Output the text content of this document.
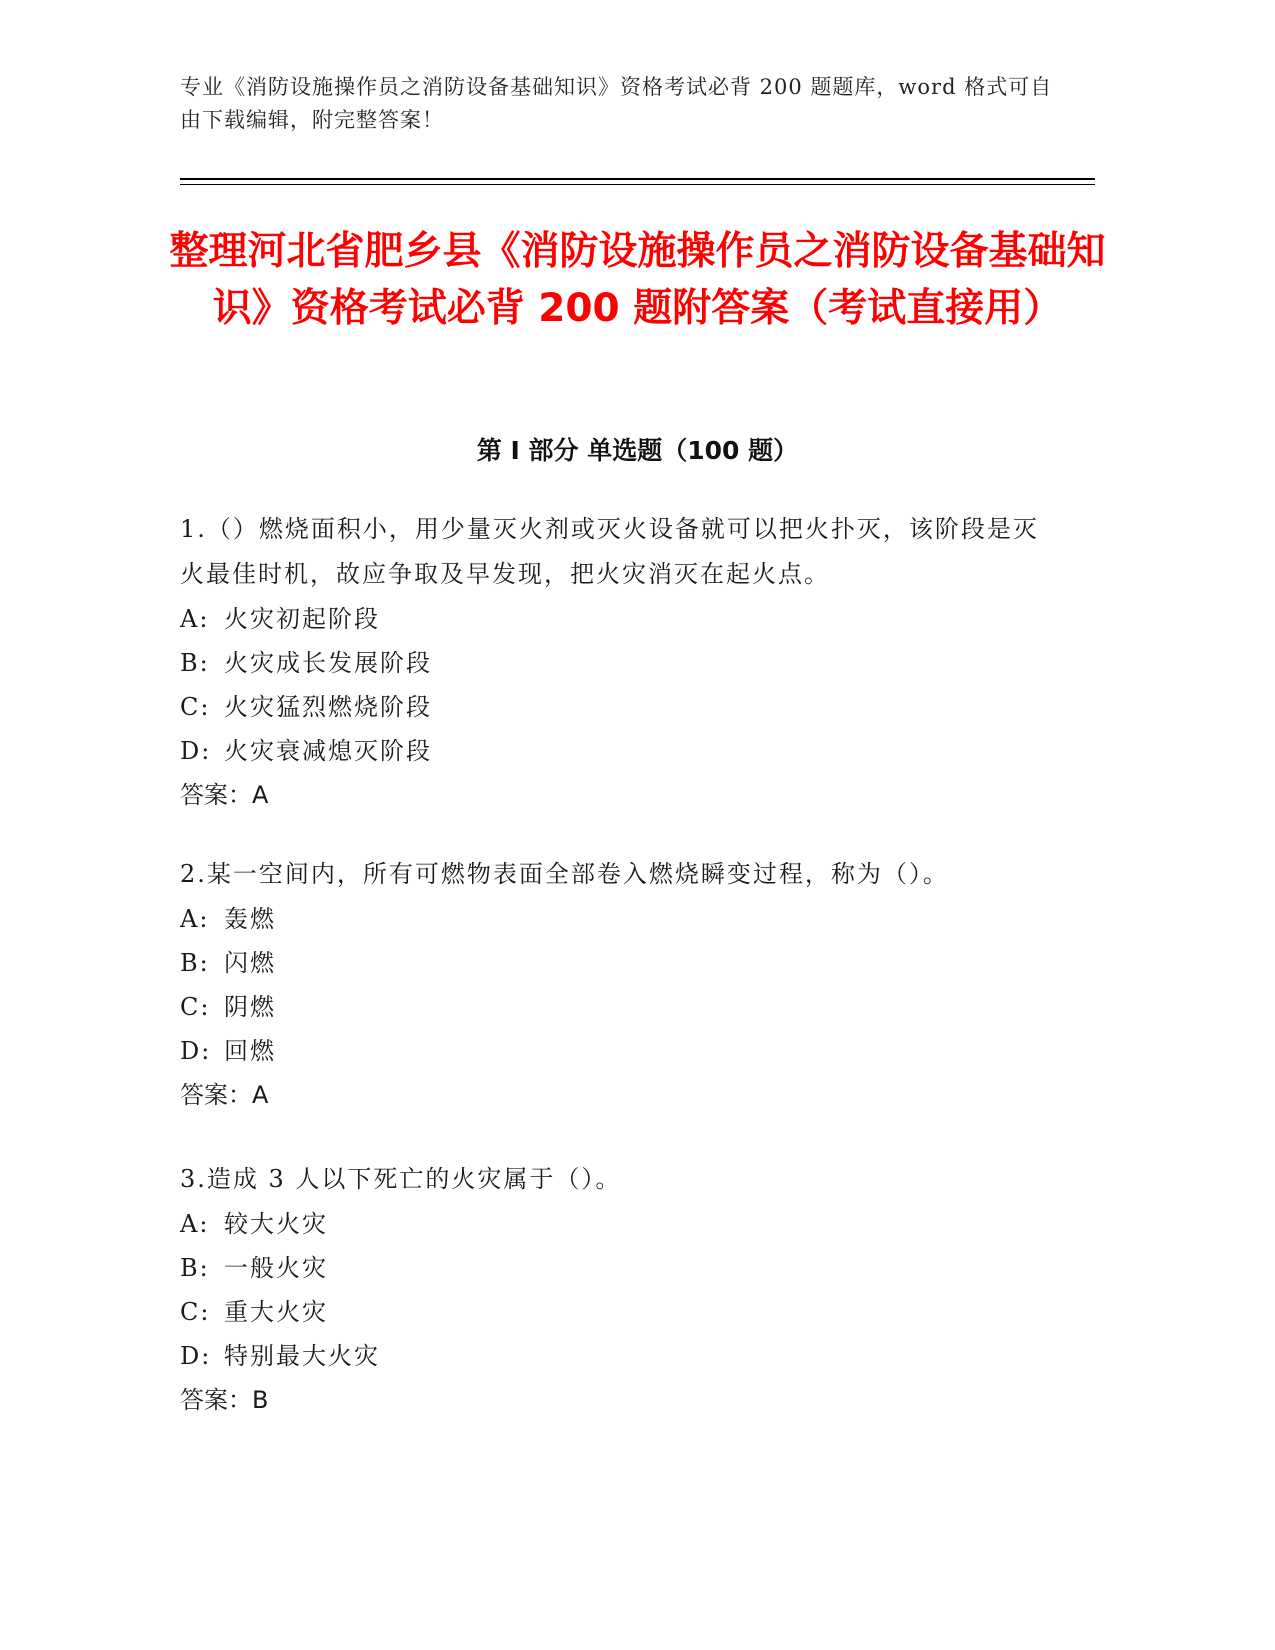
专业《消防设施操作员之消防设备基础知识》资格考试必背 200 题题库，word 格式可自由下载编辑，附完整答案！
整理河北省肥乡县《消防设施操作员之消防设备基础知识》资格考试必背 200 题附答案（考试直接用）
第 I 部分 单选题（100 题）

1.（）燃烧面积小，用少量灭火剂或灭火设备就可以把火扑灭，该阶段是灭火最佳时机，故应争取及早发现，把火灾消灭在起火点。

A: 火灾初起阶段

B: 火灾成长发展阶段

C: 火灾猛烈燃烧阶段

D: 火灾衰减熄灭阶段

答案：A

2.某一空间内，所有可燃物表面全部卷入燃烧瞬变过程，称为（）。

A: 轰燃

B: 闪燃

C: 阴燃

D: 回燃

答案：A

3.造成 3 人以下死亡的火灾属于（）。

A: 较大火灾

B: 一般火灾

C: 重大火灾

D: 特别最大火灾

答案：B
